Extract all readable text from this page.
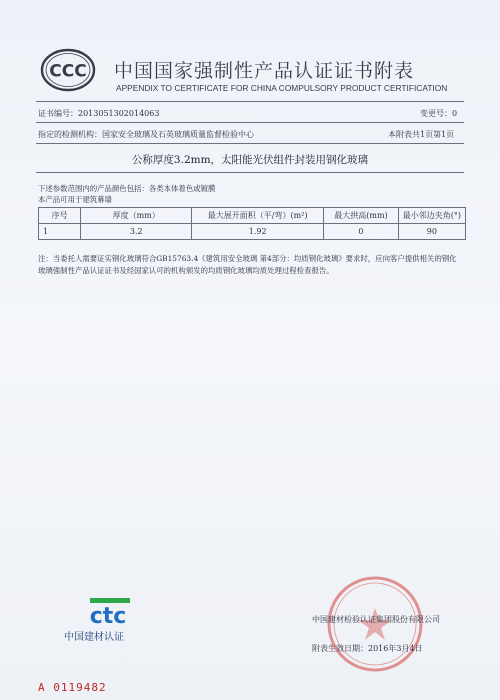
CCC 中国国家强制性产品认证证书附表
APPENDIX TO CERTIFICATE FOR CHINA COMPULSORY PRODUCT CERTIFICATION
证书编号：2013051302014063	变更号：0
指定的检测机构：国家安全玻璃及石英玻璃质量监督检验中心	本附表共1页第1页
公称厚度3.2mm，太阳能光伏组件封装用钢化玻璃
下述参数范围内的产品颜色包括：各类本体着色或镀膜
本产品可用于建筑幕墙
序号	厚度（mm）	最大展开面积（平/弯）(m²)	最大拱高(mm)	最小邻边夹角(°)
1	3.2	1.92	0	90
注：当委托人需要证实钢化玻璃符合GB15763.4《建筑用安全玻璃 第4部分：均质钢化玻璃》要求时，应向客户提供相关的钢化玻璃强制性产品认证证书及经国家认可的机构颁发的均质钢化玻璃均质处理过程检查报告。
ctc
中国建材认证
中国建材检验认证集团股份有限公司
附表生效日期：2016年3月4日
A 0119482
